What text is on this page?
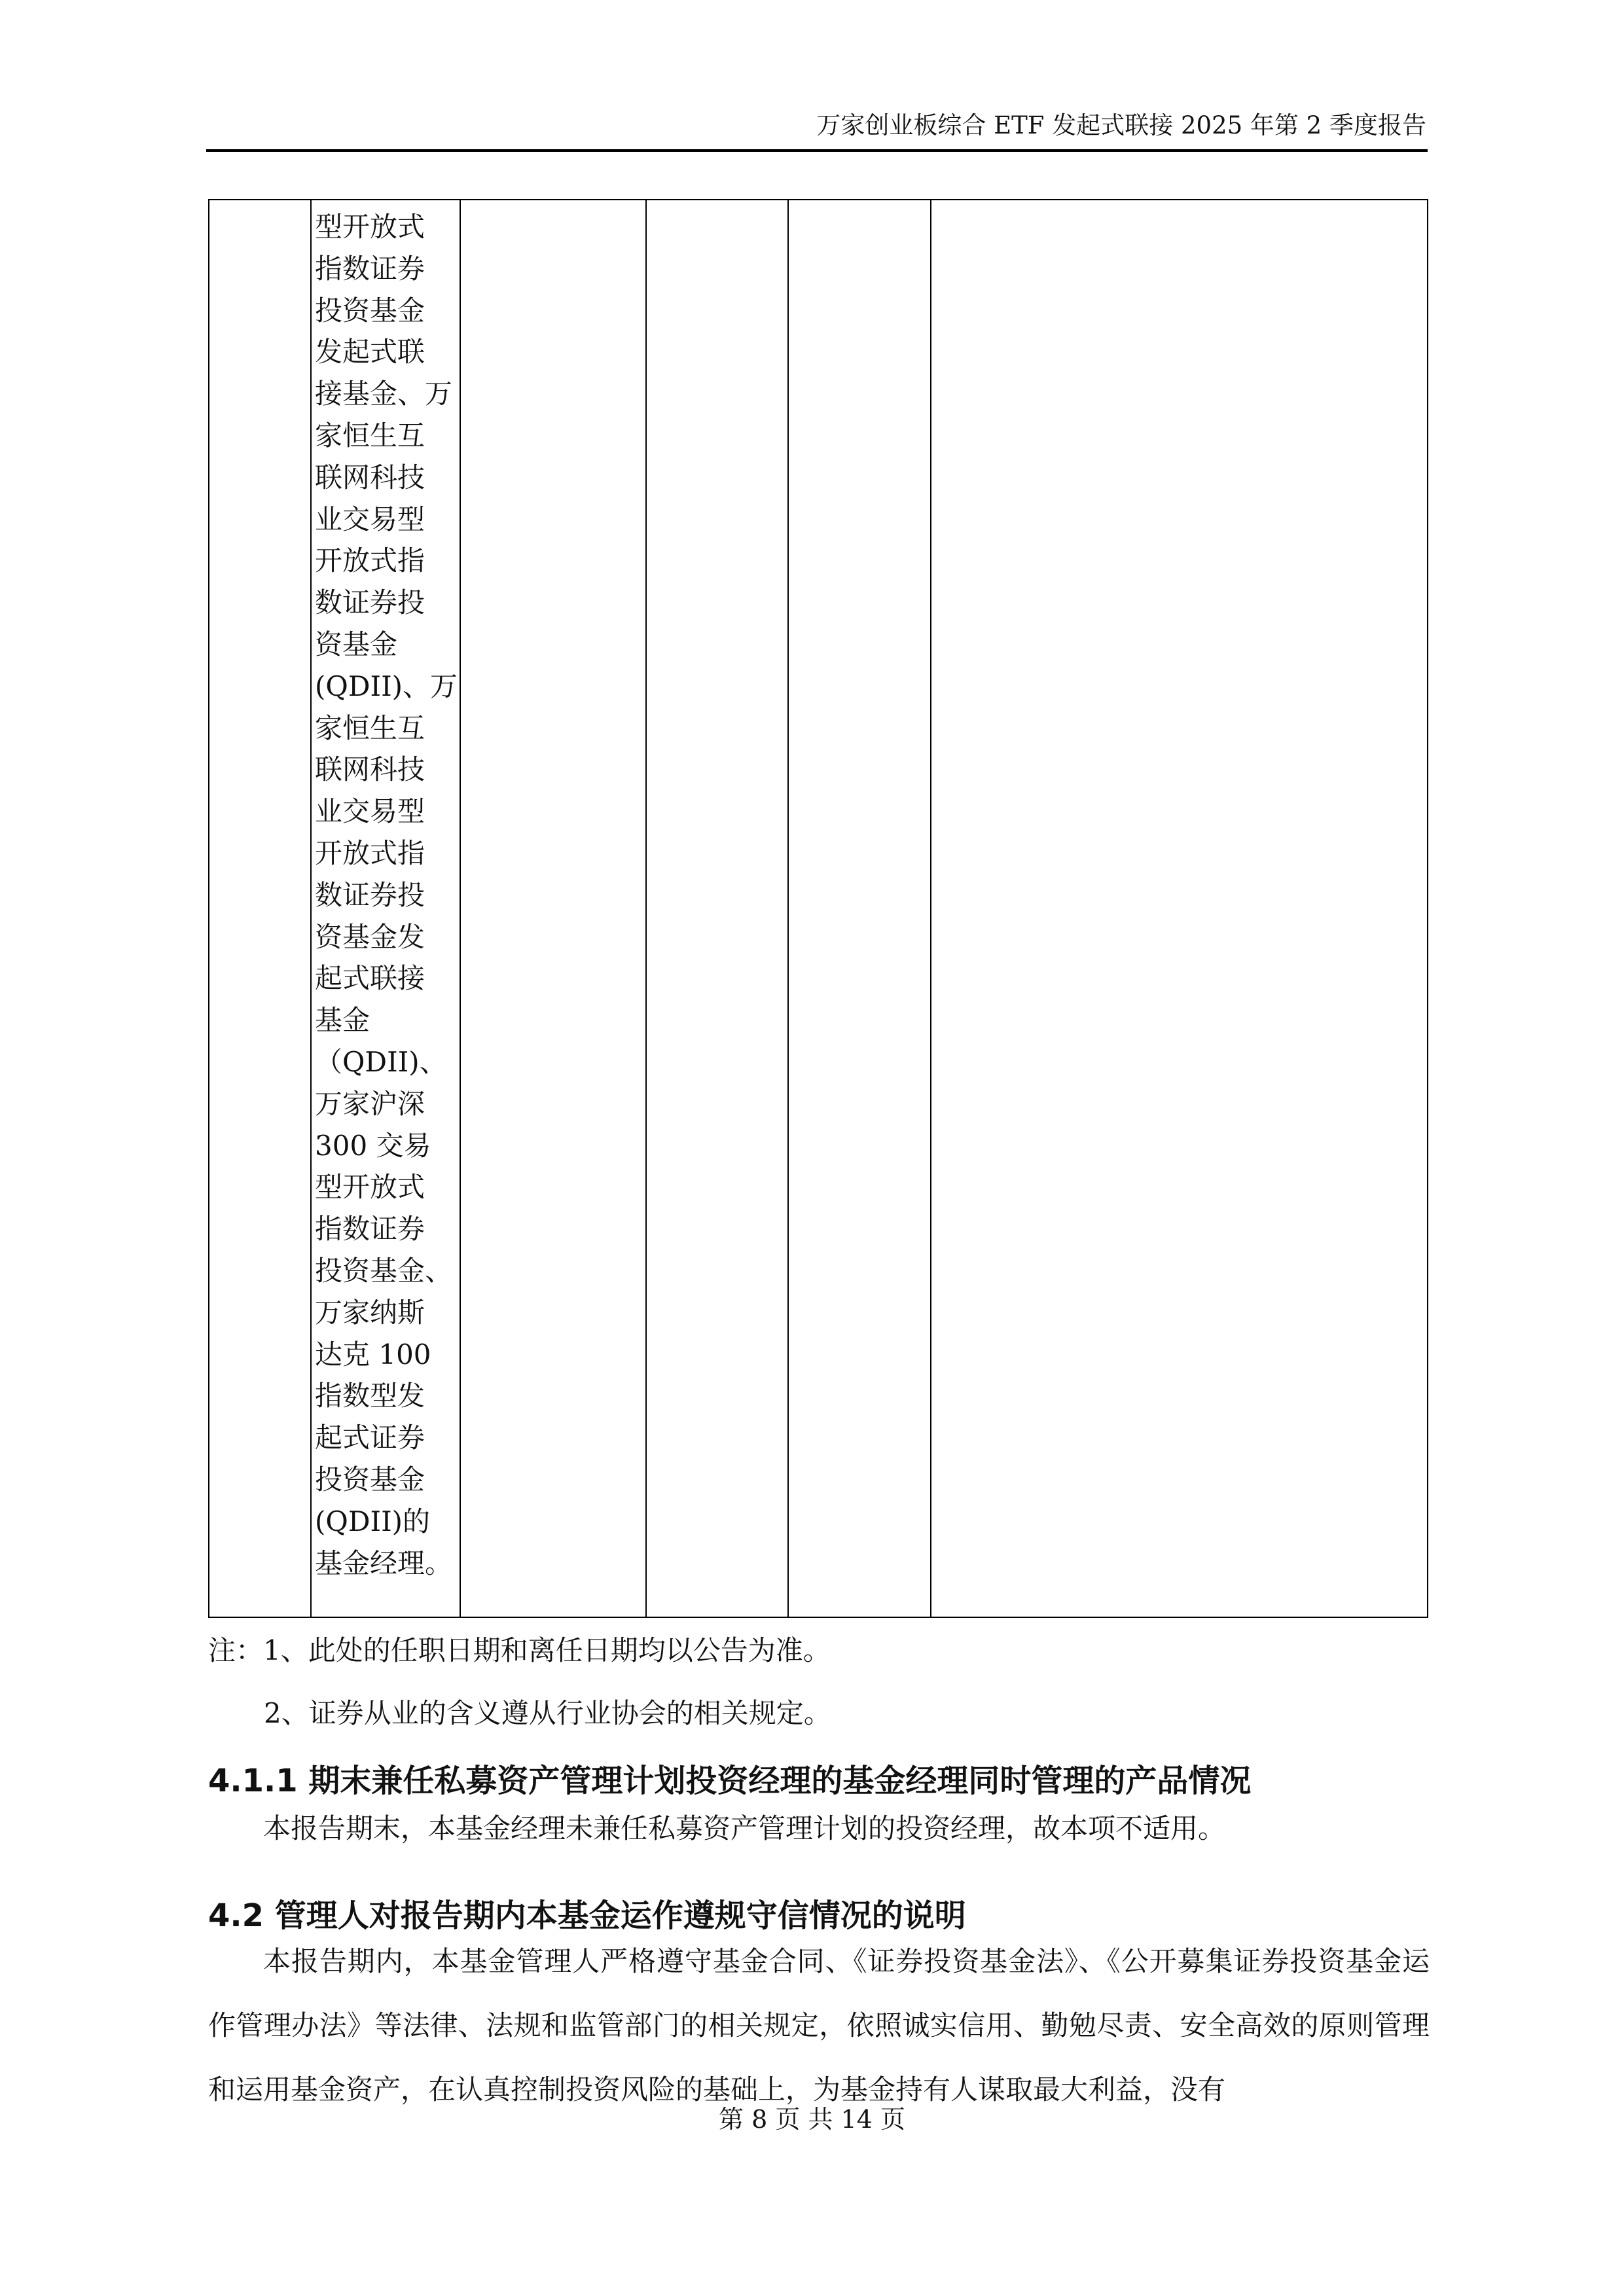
万家创业板综合 ETF 发起式联接 2025 年第 2 季度报告

型开放式
指数证券
投资基金
发起式联
接基金、万
家恒生互
联网科技
业交易型
开放式指
数证券投
资基金
(QDII)、万
家恒生互
联网科技
业交易型
开放式指
数证券投
资基金发
起式联接
基金
（QDII)、
万家沪深
300 交易
型开放式
指数证券
投资基金、
万家纳斯
达克 100
指数型发
起式证券
投资基金
(QDII)的
基金经理。

注：1、此处的任职日期和离任日期均以公告为准。
2、证券从业的含义遵从行业协会的相关规定。
4.1.1 期末兼任私募资产管理计划投资经理的基金经理同时管理的产品情况

本报告期末，本基金经理未兼任私募资产管理计划的投资经理，故本项不适用。

4.2 管理人对报告期内本基金运作遵规守信情况的说明

本报告期内，本基金管理人严格遵守基金合同、《证券投资基金法》、《公开募集证券投资基金运作管理办法》等法律、法规和监管部门的相关规定，依照诚实信用、勤勉尽责、安全高效的原则管理和运用基金资产，在认真控制投资风险的基础上，为基金持有人谋取最大利益，没有

第 8 页 共 14 页
